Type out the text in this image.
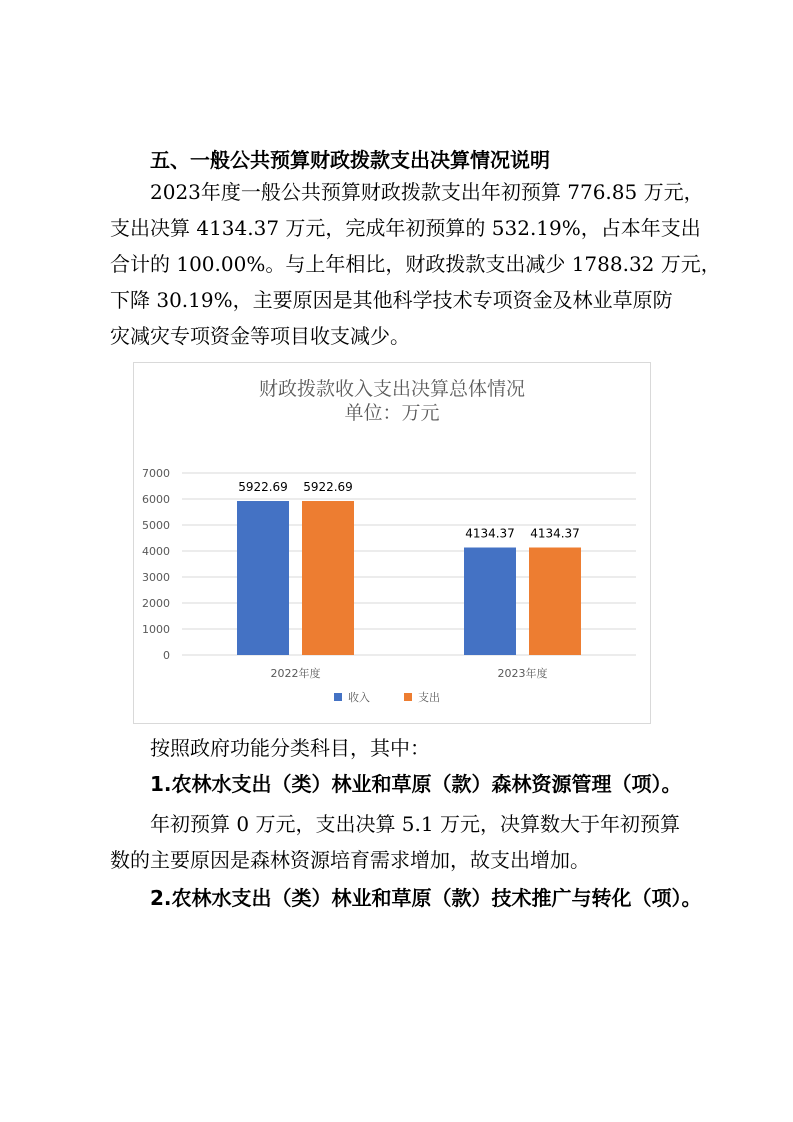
五、一般公共预算财政拨款支出决算情况说明
2023年度一般公共预算财政拨款支出年初预算 776.85 万元，
支出决算 4134.37 万元，完成年初预算的 532.19%，占本年支出
合计的 100.00%。与上年相比，财政拨款支出减少 1788.32 万元，
下降 30.19%，主要原因是其他科学技术专项资金及林业草原防
灾减灾专项资金等项目收支减少。
财政拨款收入支出决算总体情况
单位：万元
0
1000
2000
3000
4000
5000
6000
7000
5922.69 5922.69
2022年度
4134.37 4134.37
2023年度
收入	支出
按照政府功能分类科目，其中：
1.农林水支出（类）林业和草原（款）森林资源管理（项）。
年初预算 0 万元，支出决算 5.1 万元，决算数大于年初预算
数的主要原因是森林资源培育需求增加，故支出增加。
2.农林水支出（类）林业和草原（款）技术推广与转化（项）。
